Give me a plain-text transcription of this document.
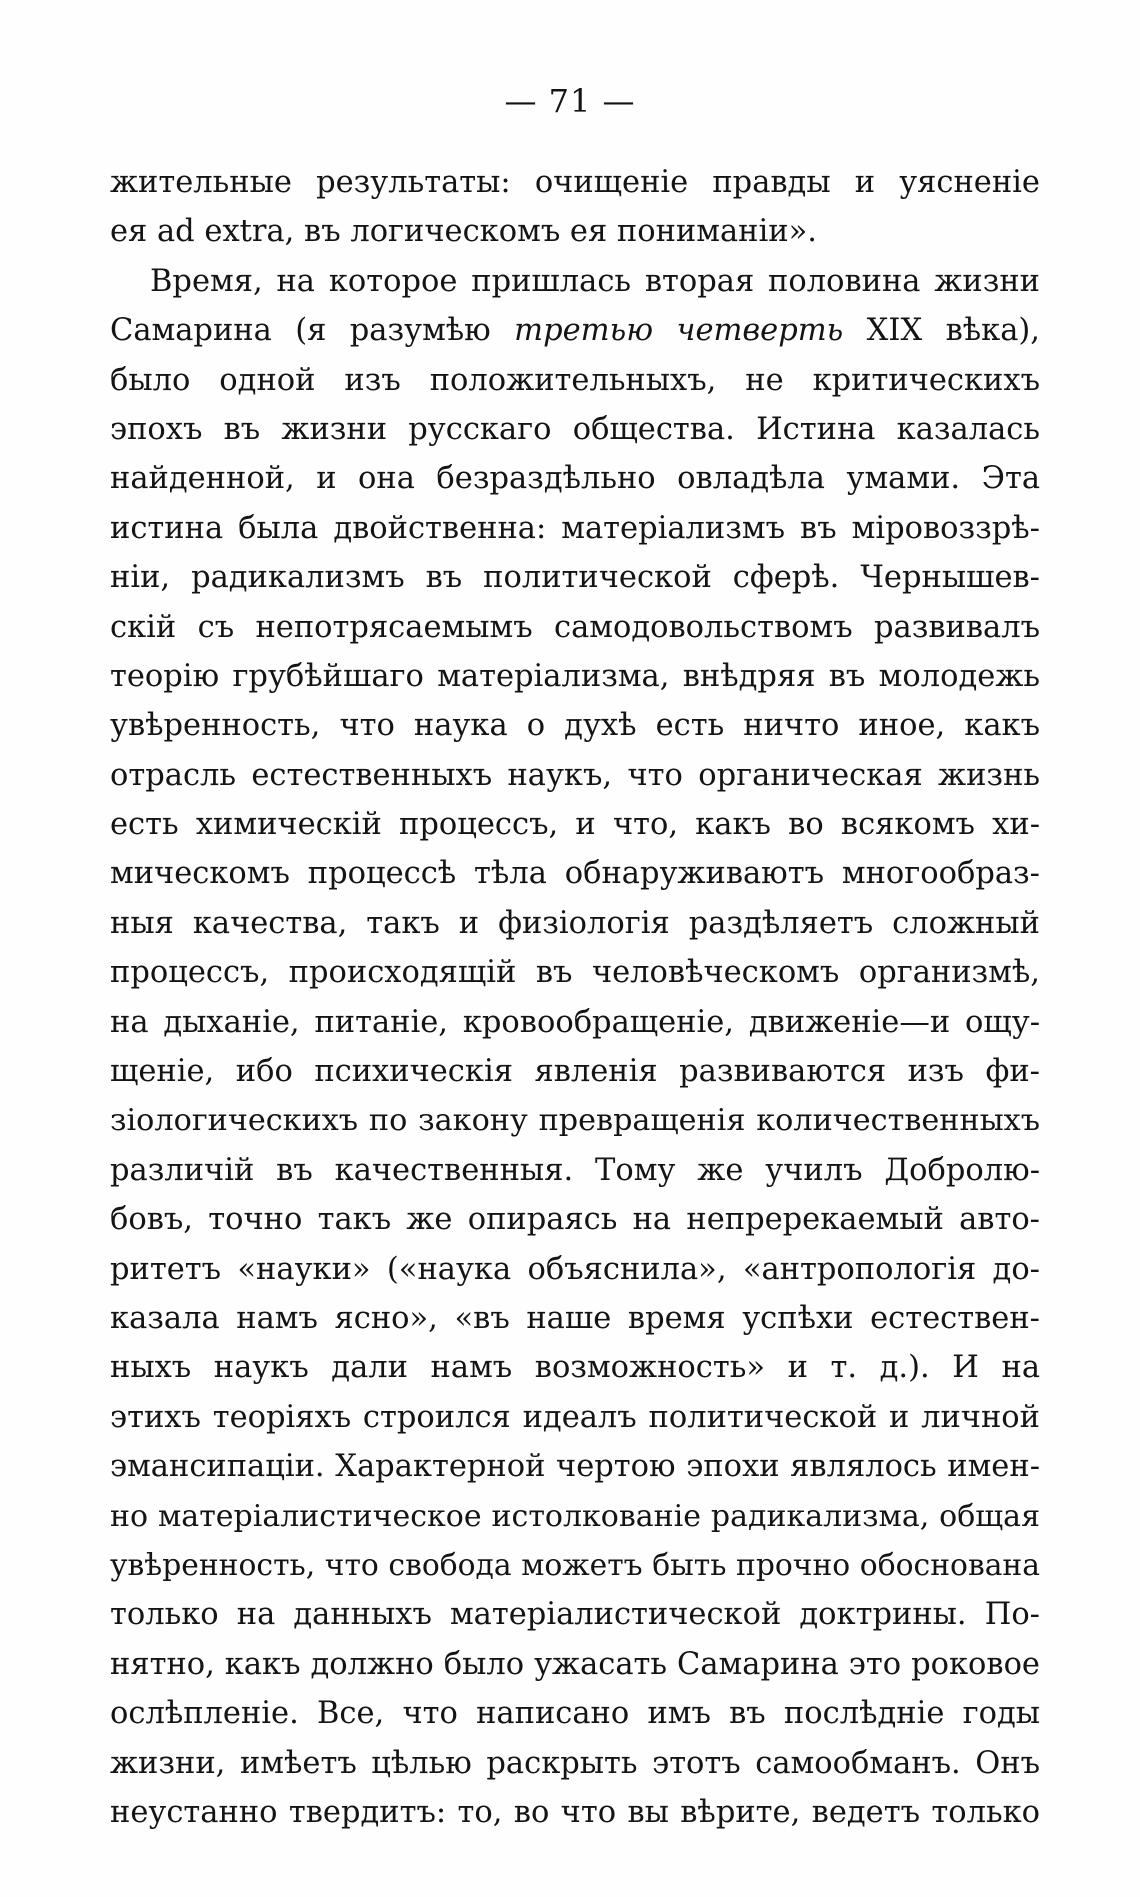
— 71 —
жительные результаты: очищеніе правды и уясненіе
ея ad extra, въ логическомъ ея пониманіи».
Время, на которое пришлась вторая половина жизни
Самарина (я разумѣю третью четверть XIX вѣка),
было одной изъ положительныхъ, не критическихъ
эпохъ въ жизни русскаго общества. Истина казалась
найденной, и она безраздѣльно овладѣла умами. Эта
истина была двойственна: матеріализмъ въ міровоззрѣ-
ніи, радикализмъ въ политической сферѣ. Чернышев-
скій съ непотрясаемымъ самодовольствомъ развивалъ
теорію грубѣйшаго матеріализма, внѣдряя въ молодежь
увѣренность, что наука о духѣ есть ничто иное, какъ
отрасль естественныхъ наукъ, что органическая жизнь
есть химическій процессъ, и что, какъ во всякомъ хи-
мическомъ процессѣ тѣла обнаруживаютъ многообраз-
ныя качества, такъ и физіологія раздѣляетъ сложный
процессъ, происходящій въ человѣческомъ организмѣ,
на дыханіе, питаніе, кровообращеніе, движеніе—и ощу-
щеніе, ибо психическія явленія развиваются изъ фи-
зіологическихъ по закону превращенія количественныхъ
различій въ качественныя. Тому же училъ Добролю-
бовъ, точно такъ же опираясь на непререкаемый авто-
ритетъ «науки» («наука объяснила», «антропологія до-
казала намъ ясно», «въ наше время успѣхи естествен-
ныхъ наукъ дали намъ возможность» и т. д.). И на
этихъ теоріяхъ строился идеалъ политической и личной
эмансипаціи. Характерной чертою эпохи являлось имен-
но матеріалистическое истолкованіе радикализма, общая
увѣренность, что свобода можетъ быть прочно обоснована
только на данныхъ матеріалистической доктрины. По-
нятно, какъ должно было ужасать Самарина это роковое
ослѣпленіе. Все, что написано имъ въ послѣдніе годы
жизни, имѣетъ цѣлью раскрыть этотъ самообманъ. Онъ
неустанно твердитъ: то, во что вы вѣрите, ведетъ только
